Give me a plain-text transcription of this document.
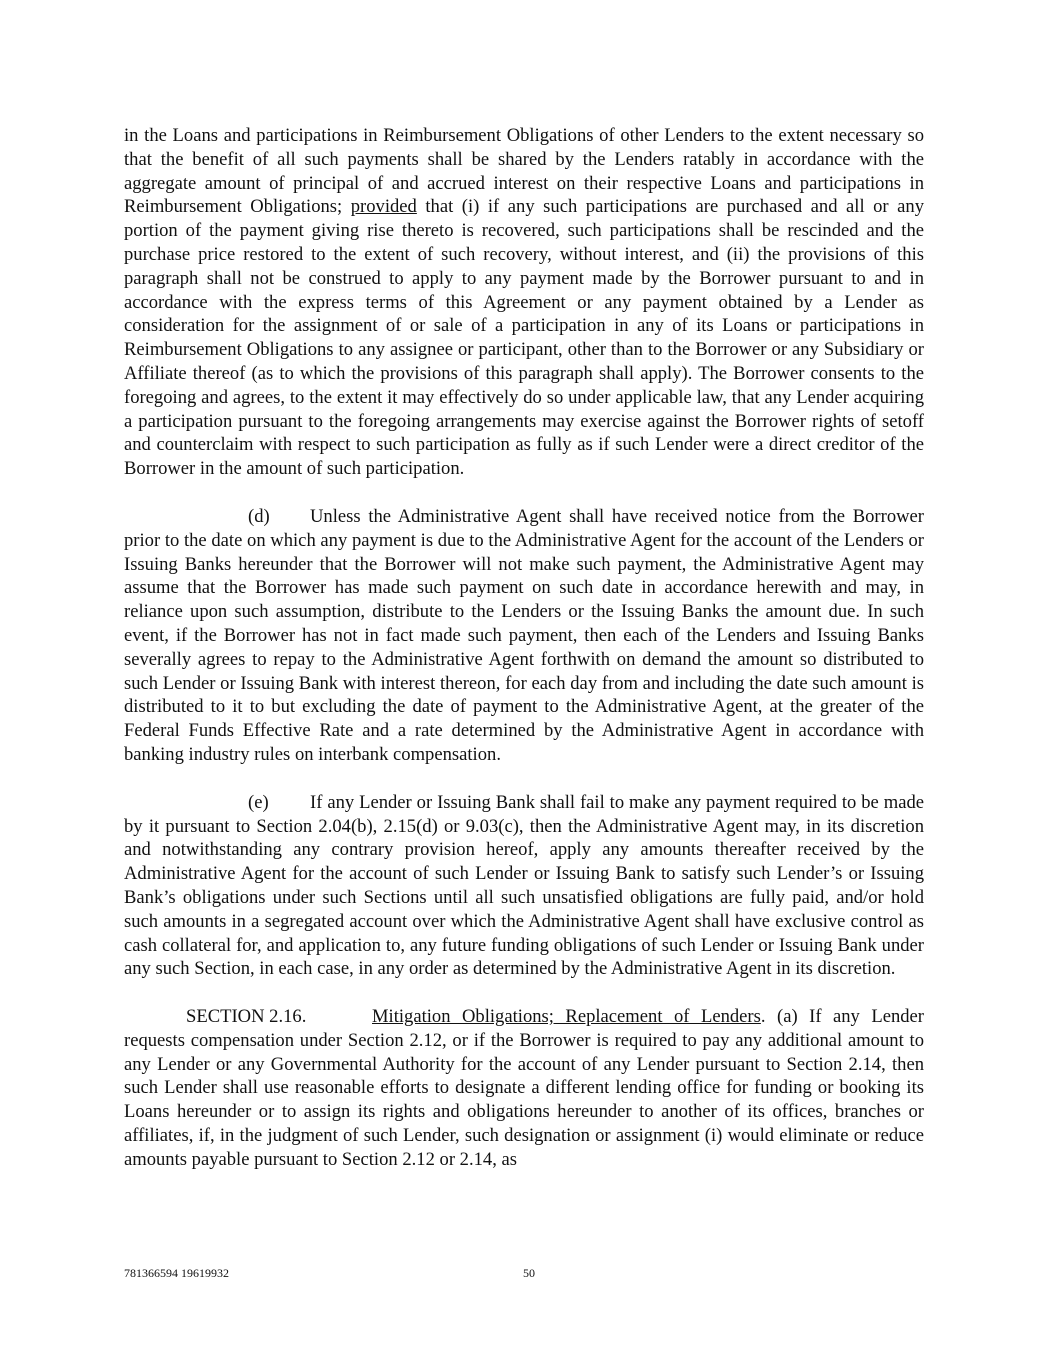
in the Loans and participations in Reimbursement Obligations of other Lenders to the extent necessary so that the benefit of all such payments shall be shared by the Lenders ratably in accordance with the aggregate amount of principal of and accrued interest on their respective Loans and participations in Reimbursement Obligations; provided that (i) if any such participations are purchased and all or any portion of the payment giving rise thereto is recovered, such participations shall be rescinded and the purchase price restored to the extent of such recovery, without interest, and (ii) the provisions of this paragraph shall not be construed to apply to any payment made by the Borrower pursuant to and in accordance with the express terms of this Agreement or any payment obtained by a Lender as consideration for the assignment of or sale of a participation in any of its Loans or participations in Reimbursement Obligations to any assignee or participant, other than to the Borrower or any Subsidiary or Affiliate thereof (as to which the provisions of this paragraph shall apply). The Borrower consents to the foregoing and agrees, to the extent it may effectively do so under applicable law, that any Lender acquiring a participation pursuant to the foregoing arrangements may exercise against the Borrower rights of setoff and counterclaim with respect to such participation as fully as if such Lender were a direct creditor of the Borrower in the amount of such participation.

(d) Unless the Administrative Agent shall have received notice from the Borrower prior to the date on which any payment is due to the Administrative Agent for the account of the Lenders or Issuing Banks hereunder that the Borrower will not make such payment, the Administrative Agent may assume that the Borrower has made such payment on such date in accordance herewith and may, in reliance upon such assumption, distribute to the Lenders or the Issuing Banks the amount due. In such event, if the Borrower has not in fact made such payment, then each of the Lenders and Issuing Banks severally agrees to repay to the Administrative Agent forthwith on demand the amount so distributed to such Lender or Issuing Bank with interest thereon, for each day from and including the date such amount is distributed to it to but excluding the date of payment to the Administrative Agent, at the greater of the Federal Funds Effective Rate and a rate determined by the Administrative Agent in accordance with banking industry rules on interbank compensation.

(e) If any Lender or Issuing Bank shall fail to make any payment required to be made by it pursuant to Section 2.04(b), 2.15(d) or 9.03(c), then the Administrative Agent may, in its discretion and notwithstanding any contrary provision hereof, apply any amounts thereafter received by the Administrative Agent for the account of such Lender or Issuing Bank to satisfy such Lender’s or Issuing Bank’s obligations under such Sections until all such unsatisfied obligations are fully paid, and/or hold such amounts in a segregated account over which the Administrative Agent shall have exclusive control as cash collateral for, and application to, any future funding obligations of such Lender or Issuing Bank under any such Section, in each case, in any order as determined by the Administrative Agent in its discretion.

SECTION 2.16.	Mitigation Obligations; Replacement of Lenders. (a) If any Lender requests compensation under Section 2.12, or if the Borrower is required to pay any additional amount to any Lender or any Governmental Authority for the account of any Lender pursuant to Section 2.14, then such Lender shall use reasonable efforts to designate a different lending office for funding or booking its Loans hereunder or to assign its rights and obligations hereunder to another of its offices, branches or affiliates, if, in the judgment of such Lender, such designation or assignment (i) would eliminate or reduce amounts payable pursuant to Section 2.12 or 2.14, as

781366594 19619932	50
